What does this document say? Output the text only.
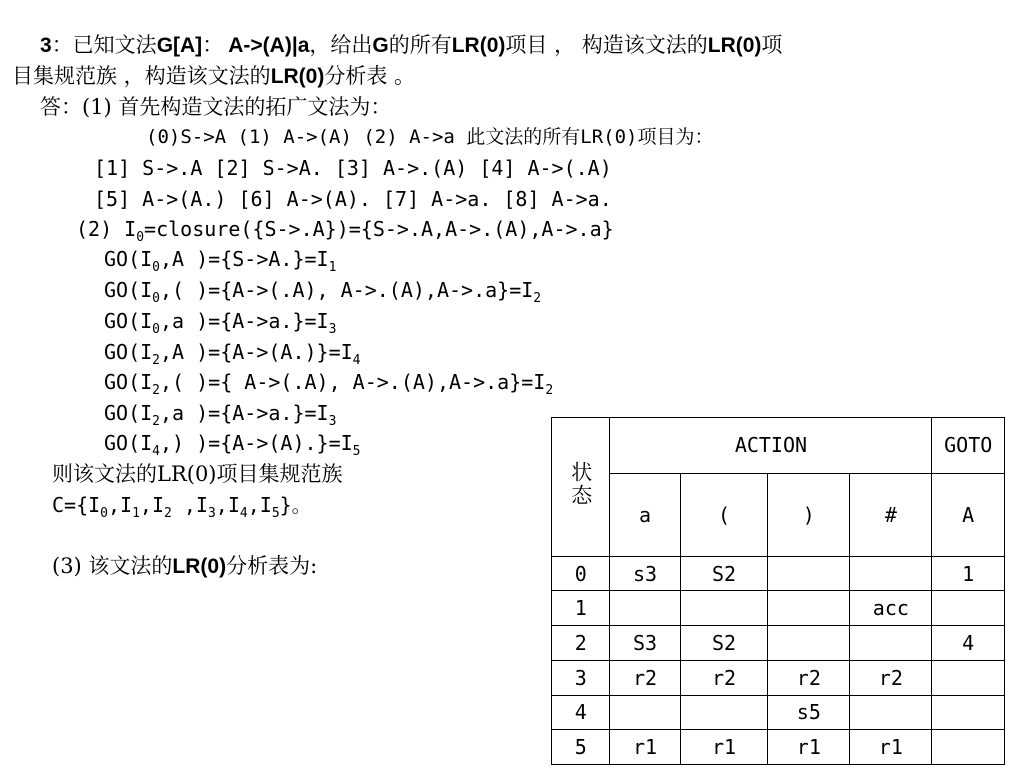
3：已知文法G[A]： A->(A)|a，给出G的所有LR(0)项目 ， 构造该文法的LR(0)项
目集规范族 ，构造该文法的LR(0)分析表 。
答：(1) 首先构造文法的拓广文法为：
(0)S->A (1) A->(A) (2) A->a 此文法的所有LR(0)项目为：
[1] S->.A [2] S->A. [3] A->.(A) [4] A->(.A)
[5] A->(A.) [6] A->(A). [7] A->a. [8] A->a.
(2) $I_0=closure(\{S->.A\})=\{S->.A,A->.(A),A->.a\}$
$GO(I_0,A$ )$=\{S->A.\}=I_1$
$GO(I_0$,( )={A->(.A), $A->.(A),A->.a\}=I_2$
$GO(I_0,a$ )$=\{A->a.\}=I_3$
$GO(I_2,A$ )$=\{A->(A.)\}=I_4$
$GO(I_2$,( )={ A->(.A), $A->.(A),A->.a\}=I_2$
$GO(I_2,a$ )$=\{A->a.\}=I_3$
$GO(I_4,)$ )$=\{A->(A).\}=I_5$
则该文法的LR(0)项目集规范族
$C=\{I_0,I_1,I_2$ $,I_3,I_4,I_5$}。
(3) 该文法的LR(0)分析表为:
状态	ACTION				GOTO
	a	(	)	#	A
0	s3	S2			1
1				acc	
2	S3	S2			4
3	r2	r2	r2	r2	
4			s5		
5	r1	r1	r1	r1	
